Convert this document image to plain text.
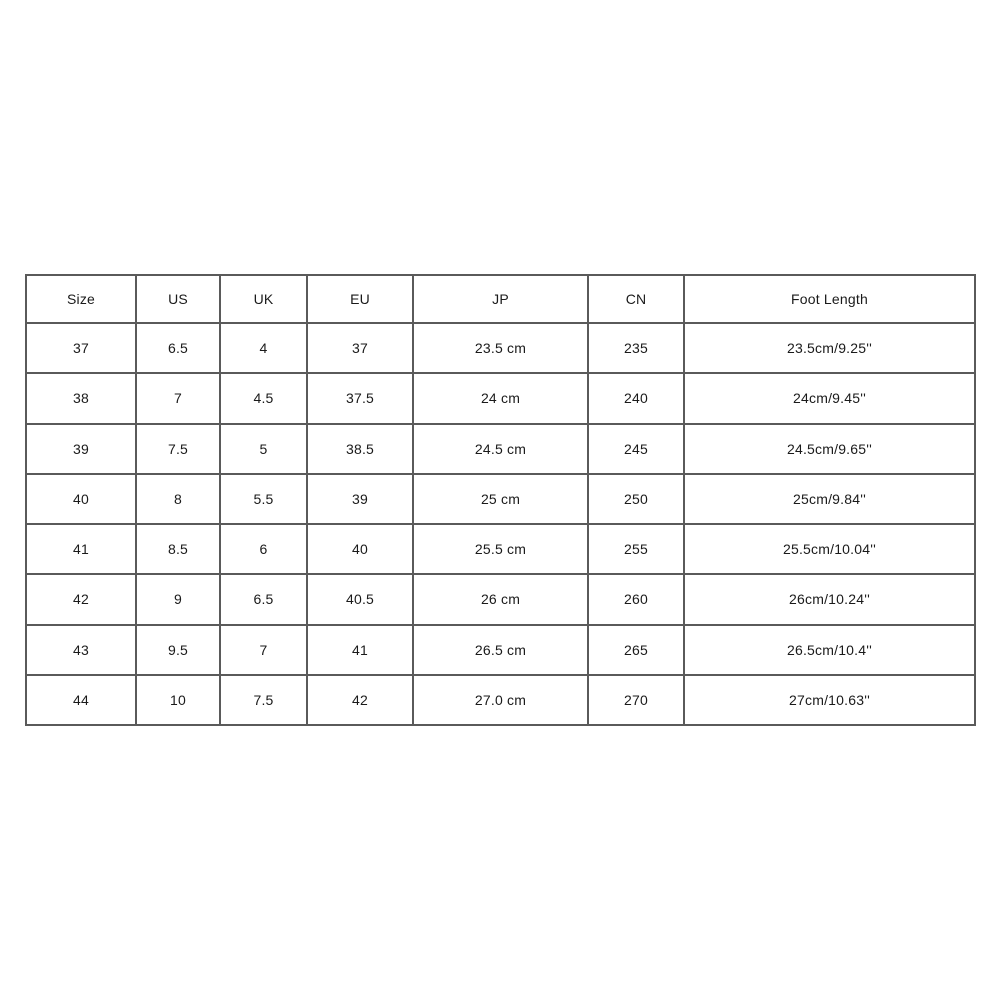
Size	US	UK	EU	JP	CN	Foot Length
37	6.5	4	37	23.5 cm	235	23.5cm/9.25''
38	7	4.5	37.5	24 cm	240	24cm/9.45''
39	7.5	5	38.5	24.5 cm	245	24.5cm/9.65''
40	8	5.5	39	25 cm	250	25cm/9.84''
41	8.5	6	40	25.5 cm	255	25.5cm/10.04''
42	9	6.5	40.5	26 cm	260	26cm/10.24''
43	9.5	7	41	26.5 cm	265	26.5cm/10.4''
44	10	7.5	42	27.0 cm	270	27cm/10.63''
